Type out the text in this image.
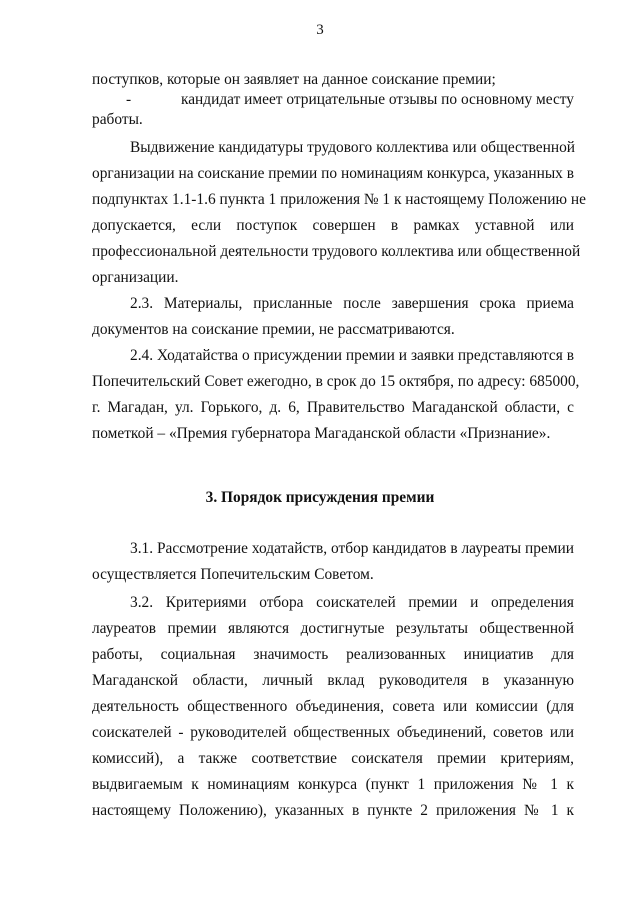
3
поступков, которые он заявляет на данное соискание премии;
-	кандидат имеет отрицательные отзывы по основному месту
работы.
Выдвижение кандидатуры трудового коллектива или общественной
организации на соискание премии по номинациям конкурса, указанных в
подпунктах 1.1-1.6 пункта 1 приложения № 1 к настоящему Положению не
допускается, если поступок совершен в рамках уставной или
профессиональной деятельности трудового коллектива или общественной
организации.
2.3. Материалы, присланные после завершения срока приема
документов на соискание премии, не рассматриваются.
2.4. Ходатайства о присуждении премии и заявки представляются в
Попечительский Совет ежегодно, в срок до 15 октября, по адресу: 685000,
г. Магадан, ул. Горького, д. 6, Правительство Магаданской области, с
пометкой – «Премия губернатора Магаданской области «Признание».
3. Порядок присуждения премии
3.1. Рассмотрение ходатайств, отбор кандидатов в лауреаты премии
осуществляется Попечительским Советом.
3.2. Критериями отбора соискателей премии и определения
лауреатов премии являются достигнутые результаты общественной
работы, социальная значимость реализованных инициатив для
Магаданской области, личный вклад руководителя в указанную
деятельность общественного объединения, совета или комиссии (для
соискателей - руководителей общественных объединений, советов или
комиссий), а также соответствие соискателя премии критериям,
выдвигаемым к номинациям конкурса (пункт 1 приложения № 1 к
настоящему Положению), указанных в пункте 2 приложения № 1 к
